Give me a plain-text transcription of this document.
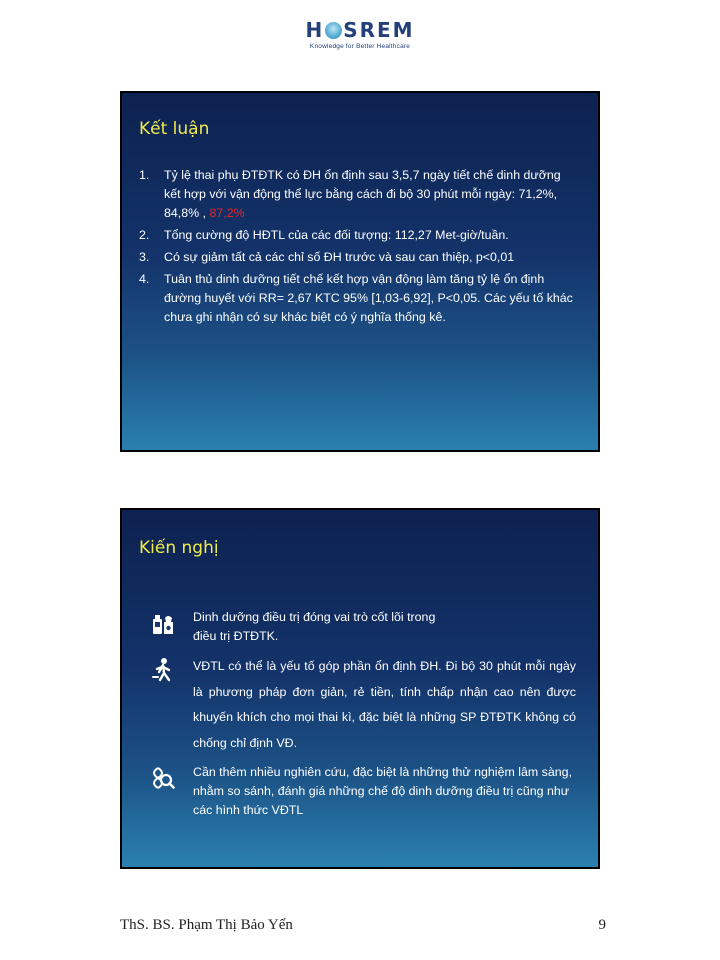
H SREM
Knowledge for Better Healthcare
Kết luận
1. Tỷ lệ thai phụ ĐTĐTK có ĐH ổn định sau 3,5,7 ngày tiết chế dinh dưỡng kết hợp với vận động thể lực bằng cách đi bộ 30 phút mỗi ngày: 71,2%, 84,8% , 87,2%
2. Tổng cường độ HĐTL của các đối tượng: 112,27 Met-giờ/tuần.
3. Có sự giảm tất cả các chỉ số ĐH trước và sau can thiệp, p<0,01
4. Tuân thủ dinh dưỡng tiết chế kết hợp vận động làm tăng tỷ lệ ổn định đường huyết với RR= 2,67 KTC 95% [1,03-6,92], P<0,05. Các yếu tố khác chưa ghi nhận có sự khác biệt có ý nghĩa thống kê.
Kiến nghị
Dinh dưỡng điều trị đóng vai trò cốt lõi trong
điều trị ĐTĐTK.
VĐTL có thể là yếu tố góp phần ổn định ĐH. Đi bộ 30 phút mỗi ngày là phương pháp đơn giản, rẻ tiền, tính chấp nhận cao nên được khuyến khích cho mọi thai kì, đặc biệt là những SP ĐTĐTK không có chống chỉ định VĐ.
Cần thêm nhiều nghiên cứu, đặc biệt là những thử nghiệm lâm sàng, nhằm so sánh, đánh giá những chế độ dinh dưỡng điều trị cũng như các hình thức VĐTL
ThS. BS. Phạm Thị Bảo Yến	9
